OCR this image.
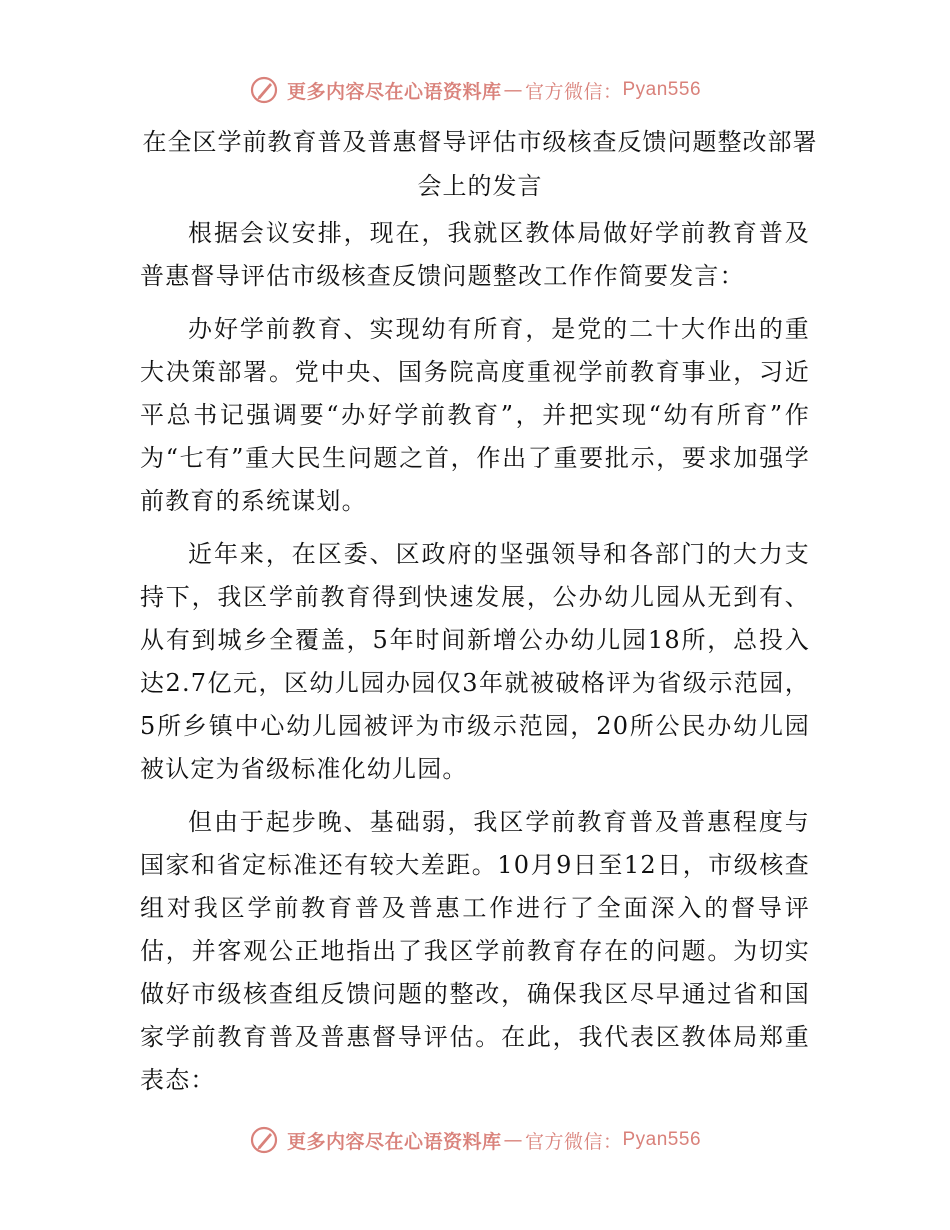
更多内容尽在心语资料库 — 官方微信： Pyan556
在全区学前教育普及普惠督导评估市级核查反馈问题整改部署
会上的发言

根据会议安排，现在，我就区教体局做好学前教育普及普惠督导评估市级核查反馈问题整改工作作简要发言：

办好学前教育、实现幼有所育，是党的二十大作出的重大决策部署。党中央、国务院高度重视学前教育事业，习近平总书记强调要“办好学前教育”，并把实现“幼有所育”作为“七有”重大民生问题之首，作出了重要批示，要求加强学前教育的系统谋划。

近年来，在区委、区政府的坚强领导和各部门的大力支持下，我区学前教育得到快速发展，公办幼儿园从无到有、从有到城乡全覆盖，5年时间新增公办幼儿园18所，总投入达2.7亿元，区幼儿园办园仅3年就被破格评为省级示范园，5所乡镇中心幼儿园被评为市级示范园，20所公民办幼儿园被认定为省级标准化幼儿园。

但由于起步晚、基础弱，我区学前教育普及普惠程度与国家和省定标准还有较大差距。10月9日至12日，市级核查组对我区学前教育普及普惠工作进行了全面深入的督导评估，并客观公正地指出了我区学前教育存在的问题。为切实做好市级核查组反馈问题的整改，确保我区尽早通过省和国家学前教育普及普惠督导评估。在此，我代表区教体局郑重表态：

更多内容尽在心语资料库 — 官方微信： Pyan556
